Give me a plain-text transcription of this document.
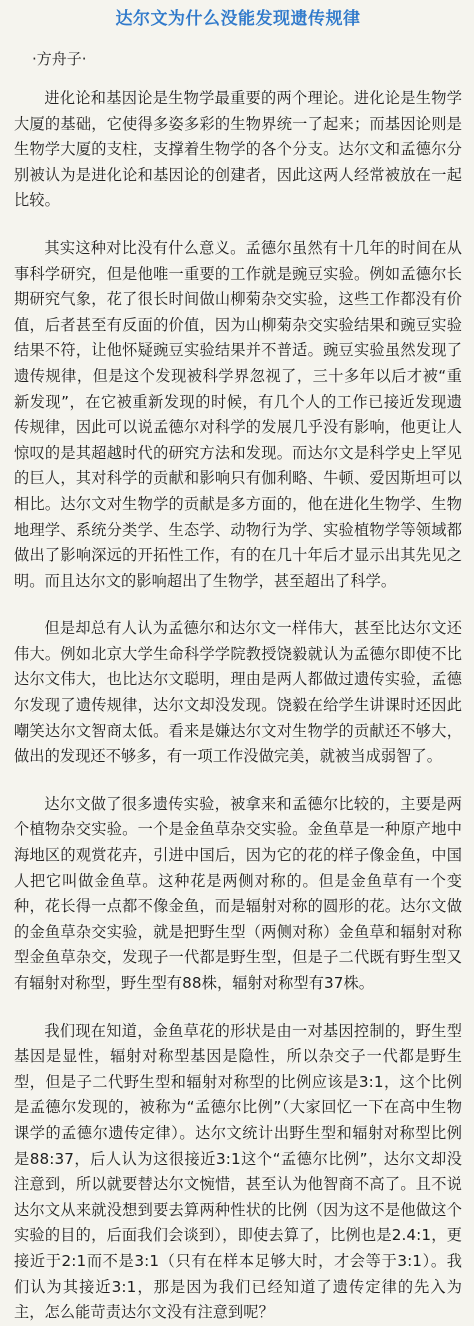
达尔文为什么没能发现遗传规律
·方舟子·

进化论和基因论是生物学最重要的两个理论。进化论是生物学大厦的基础，它使得多姿多彩的生物界统一了起来；而基因论则是生物学大厦的支柱，支撑着生物学的各个分支。达尔文和孟德尔分别被认为是进化论和基因论的创建者，因此这两人经常被放在一起比较。

其实这种对比没有什么意义。孟德尔虽然有十几年的时间在从事科学研究，但是他唯一重要的工作就是豌豆实验。例如孟德尔长期研究气象，花了很长时间做山柳菊杂交实验，这些工作都没有价值，后者甚至有反面的价值，因为山柳菊杂交实验结果和豌豆实验结果不符，让他怀疑豌豆实验结果并不普适。豌豆实验虽然发现了遗传规律，但是这个发现被科学界忽视了，三十多年以后才被“重新发现”，在它被重新发现的时候，有几个人的工作已接近发现遗传规律，因此可以说孟德尔对科学的发展几乎没有影响，他更让人惊叹的是其超越时代的研究方法和发现。而达尔文是科学史上罕见的巨人，其对科学的贡献和影响只有伽利略、牛顿、爱因斯坦可以相比。达尔文对生物学的贡献是多方面的，他在进化生物学、生物地理学、系统分类学、生态学、动物行为学、实验植物学等领域都做出了影响深远的开拓性工作，有的在几十年后才显示出其先见之明。而且达尔文的影响超出了生物学，甚至超出了科学。

但是却总有人认为孟德尔和达尔文一样伟大，甚至比达尔文还伟大。例如北京大学生命科学学院教授饶毅就认为孟德尔即使不比达尔文伟大，也比达尔文聪明，理由是两人都做过遗传实验，孟德尔发现了遗传规律，达尔文却没发现。饶毅在给学生讲课时还因此嘲笑达尔文智商太低。看来是嫌达尔文对生物学的贡献还不够大，做出的发现还不够多，有一项工作没做完美，就被当成弱智了。

达尔文做了很多遗传实验，被拿来和孟德尔比较的，主要是两个植物杂交实验。一个是金鱼草杂交实验。金鱼草是一种原产地中海地区的观赏花卉，引进中国后，因为它的花的样子像金鱼，中国人把它叫做金鱼草。这种花是两侧对称的。但是金鱼草有一个变种，花长得一点都不像金鱼，而是辐射对称的圆形的花。达尔文做的金鱼草杂交实验，就是把野生型（两侧对称）金鱼草和辐射对称型金鱼草杂交，发现子一代都是野生型，但是子二代既有野生型又有辐射对称型，野生型有88株，辐射对称型有37株。

我们现在知道，金鱼草花的形状是由一对基因控制的，野生型基因是显性，辐射对称型基因是隐性，所以杂交子一代都是野生型，但是子二代野生型和辐射对称型的比例应该是3:1，这个比例是孟德尔发现的，被称为“孟德尔比例”（大家回忆一下在高中生物课学的孟德尔遗传定律）。达尔文统计出野生型和辐射对称型比例是88:37，后人认为这很接近3:1这个“孟德尔比例”，达尔文却没注意到，所以就要替达尔文惋惜，甚至认为他智商不高了。且不说达尔文从来就没想到要去算两种性状的比例（因为这不是他做这个实验的目的，后面我们会谈到），即使去算了，比例也是2.4:1，更接近于2:1而不是3:1（只有在样本足够大时，才会等于3:1）。我们认为其接近3:1，那是因为我们已经知道了遗传定律的先入为主，怎么能苛责达尔文没有注意到呢？
